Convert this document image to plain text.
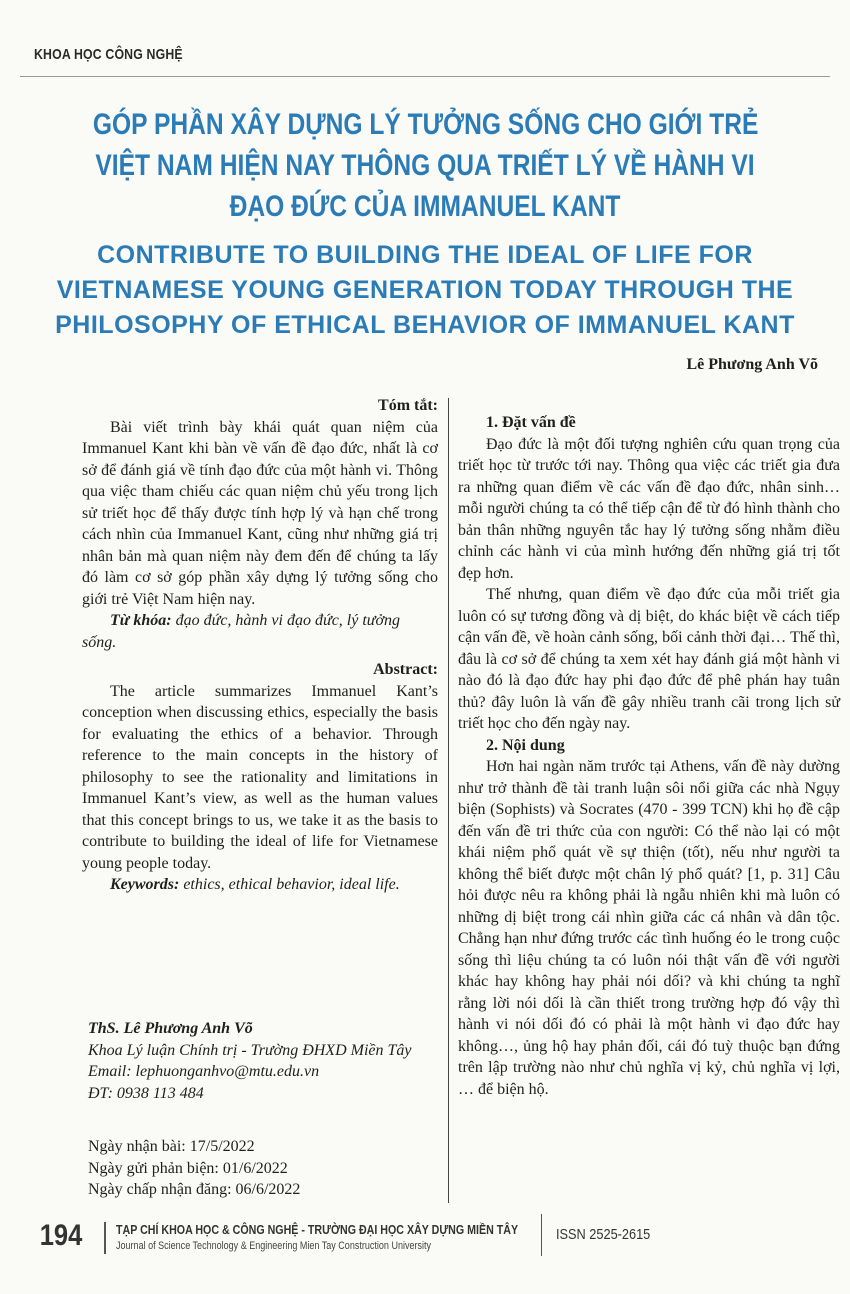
KHOA HỌC CÔNG NGHỆ
GÓP PHẦN XÂY DỰNG LÝ TƯỞNG SỐNG CHO GIỚI TRẺ
VIỆT NAM HIỆN NAY THÔNG QUA TRIẾT LÝ VỀ HÀNH VI
ĐẠO ĐỨC CỦA IMMANUEL KANT
CONTRIBUTE TO BUILDING THE IDEAL OF LIFE FOR
VIETNAMESE YOUNG GENERATION TODAY THROUGH THE
PHILOSOPHY OF ETHICAL BEHAVIOR OF IMMANUEL KANT
Lê Phương Anh Võ
Tóm tắt:

Bài viết trình bày khái quát quan niệm của Immanuel Kant khi bàn về vấn đề đạo đức, nhất là cơ sở để đánh giá về tính đạo đức của một hành vi. Thông qua việc tham chiếu các quan niệm chủ yếu trong lịch sử triết học để thấy được tính hợp lý và hạn chế trong cách nhìn của Immanuel Kant, cũng như những giá trị nhân bản mà quan niệm này đem đến để chúng ta lấy đó làm cơ sở góp phần xây dựng lý tưởng sống cho giới trẻ Việt Nam hiện nay.

Từ khóa: đạo đức, hành vi đạo đức, lý tưởng sống.

Abstract:

The article summarizes Immanuel Kant’s conception when discussing ethics, especially the basis for evaluating the ethics of a behavior. Through reference to the main concepts in the history of philosophy to see the rationality and limitations in Immanuel Kant’s view, as well as the human values that this concept brings to us, we take it as the basis to contribute to building the ideal of life for Vietnamese young people today.

Keywords: ethics, ethical behavior, ideal life.

ThS. Lê Phương Anh Võ
Khoa Lý luận Chính trị - Trường ĐHXD Miền Tây
Email: lephuonganhvo@mtu.edu.vn
ĐT: 0938 113 484
Ngày nhận bài: 17/5/2022
Ngày gửi phản biện: 01/6/2022
Ngày chấp nhận đăng: 06/6/2022
1. Đặt vấn đề

Đạo đức là một đối tượng nghiên cứu quan trọng của triết học từ trước tới nay. Thông qua việc các triết gia đưa ra những quan điểm về các vấn đề đạo đức, nhân sinh… mỗi người chúng ta có thể tiếp cận để từ đó hình thành cho bản thân những nguyên tắc hay lý tưởng sống nhằm điều chỉnh các hành vi của mình hướng đến những giá trị tốt đẹp hơn.

Thế nhưng, quan điểm về đạo đức của mỗi triết gia luôn có sự tương đồng và dị biệt, do khác biệt về cách tiếp cận vấn đề, về hoàn cảnh sống, bối cảnh thời đại… Thế thì, đâu là cơ sở để chúng ta xem xét hay đánh giá một hành vi nào đó là đạo đức hay phi đạo đức để phê phán hay tuân thủ? đây luôn là vấn đề gây nhiều tranh cãi trong lịch sử triết học cho đến ngày nay.

2. Nội dung

Hơn hai ngàn năm trước tại Athens, vấn đề này dường như trở thành đề tài tranh luận sôi nổi giữa các nhà Ngụy biện (Sophists) và Socrates (470 - 399 TCN) khi họ đề cập đến vấn đề tri thức của con người: Có thể nào lại có một khái niệm phổ quát về sự thiện (tốt), nếu như người ta không thể biết được một chân lý phổ quát? [1, p. 31] Câu hỏi được nêu ra không phải là ngẫu nhiên khi mà luôn có những dị biệt trong cái nhìn giữa các cá nhân và dân tộc. Chẳng hạn như đứng trước các tình huống éo le trong cuộc sống thì liệu chúng ta có luôn nói thật vấn đề với người khác hay không hay phải nói dối? và khi chúng ta nghĩ rằng lời nói dối là cần thiết trong trường hợp đó vậy thì hành vi nói dối đó có phải là một hành vi đạo đức hay không…, ủng hộ hay phản đối, cái đó tuỳ thuộc bạn đứng trên lập trường nào như chủ nghĩa vị kỷ, chủ nghĩa vị lợi, … để biện hộ.

194	TẠP CHÍ KHOA HỌC & CÔNG NGHỆ - TRƯỜNG ĐẠI HỌC XÂY DỰNG MIỀN TÂY
Journal of Science Technology & Engineering Mien Tay Construction University
ISSN 2525-2615
